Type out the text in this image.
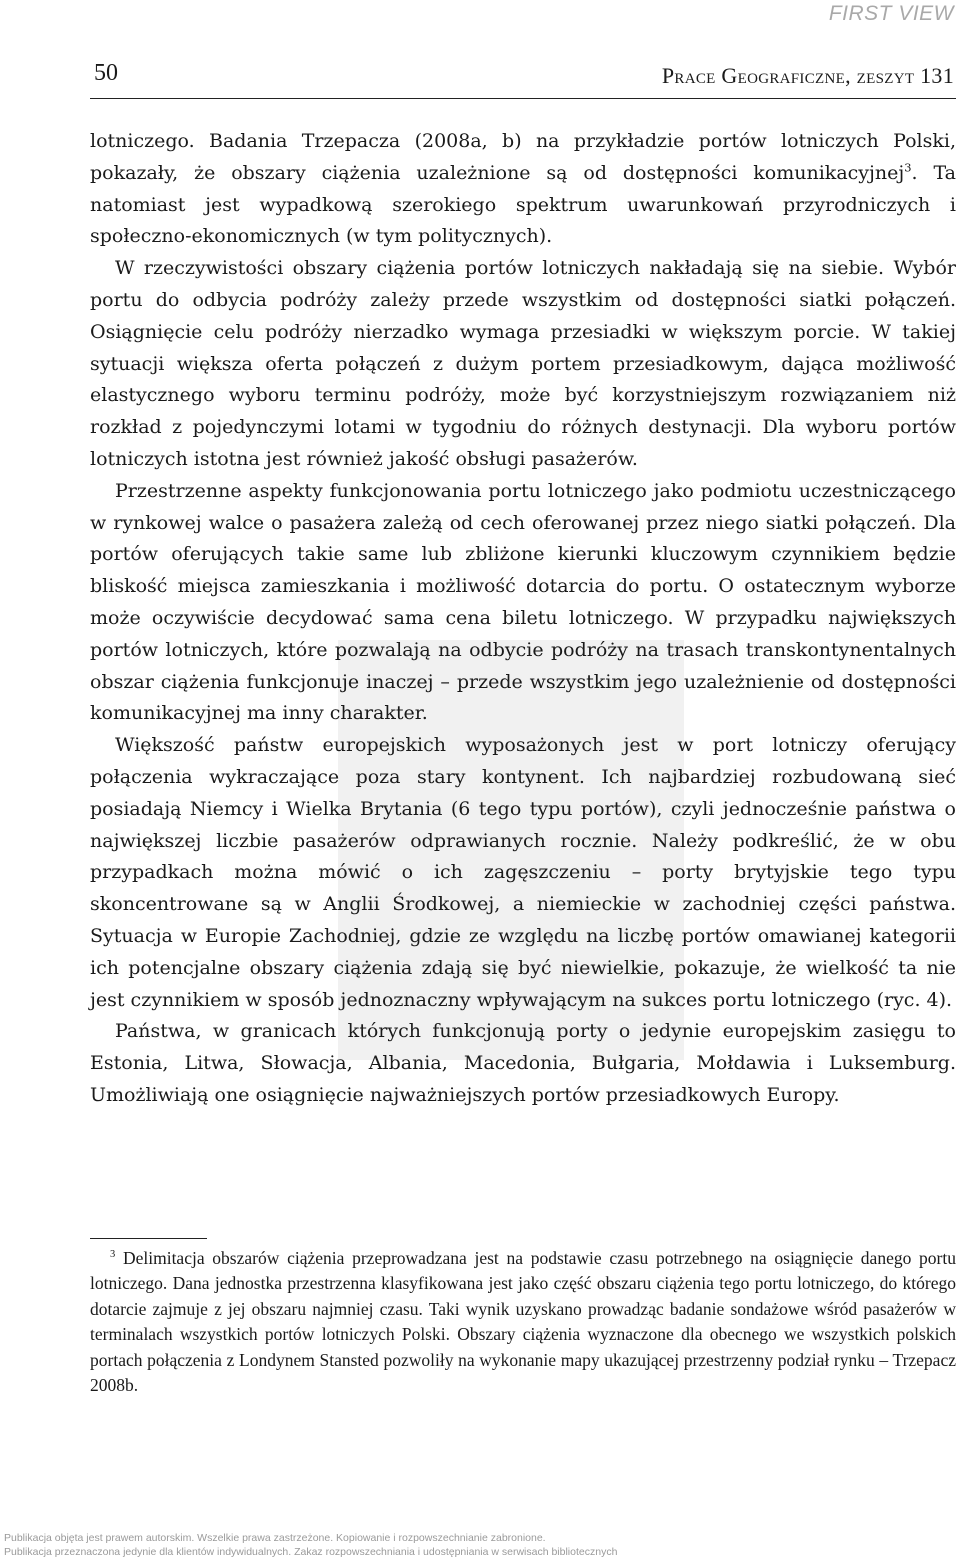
FIRST VIEW
50	Prace Geograficzne, zeszyt 131

lotniczego. Badania Trzepacza (2008a, b) na przykładzie portów lotniczych Polski, pokazały, że obszary ciążenia uzależnione są od dostępności komunikacyjnej$^3$. Ta natomiast jest wypadkową szerokiego spektrum uwarunkowań przyrodniczych i społeczno-ekonomicznych (w tym politycznych).

W rzeczywistości obszary ciążenia portów lotniczych nakładają się na siebie. Wybór portu do odbycia podróży zależy przede wszystkim od dostępności siatki połączeń. Osiągnięcie celu podróży nierzadko wymaga przesiadki w większym porcie. W takiej sytuacji większa oferta połączeń z dużym portem przesiadkowym, dająca możliwość elastycznego wyboru terminu podróży, może być korzystniejszym rozwiązaniem niż rozkład z pojedynczymi lotami w tygodniu do różnych destynacji. Dla wyboru portów lotniczych istotna jest również jakość obsługi pasażerów.

Przestrzenne aspekty funkcjonowania portu lotniczego jako podmiotu uczestniczącego w rynkowej walce o pasażera zależą od cech oferowanej przez niego siatki połączeń. Dla portów oferujących takie same lub zbliżone kierunki kluczowym czynnikiem będzie bliskość miejsca zamieszkania i możliwość dotarcia do portu. O ostatecznym wyborze może oczywiście decydować sama cena biletu lotniczego. W przypadku największych portów lotniczych, które pozwalają na odbycie podróży na trasach transkontynentalnych obszar ciążenia funkcjonuje inaczej – przede wszystkim jego uzależnienie od dostępności komunikacyjnej ma inny charakter.

Większość państw europejskich wyposażonych jest w port lotniczy oferujący połączenia wykraczające poza stary kontynent. Ich najbardziej rozbudowaną sieć posiadają Niemcy i Wielka Brytania (6 tego typu portów), czyli jednocześnie państwa o największej liczbie pasażerów odprawianych rocznie. Należy podkreślić, że w obu przypadkach można mówić o ich zagęszczeniu – porty brytyjskie tego typu skoncentrowane są w Anglii Środkowej, a niemieckie w zachodniej części państwa. Sytuacja w Europie Zachodniej, gdzie ze względu na liczbę portów omawianej kategorii ich potencjalne obszary ciążenia zdają się być niewielkie, pokazuje, że wielkość ta nie jest czynnikiem w sposób jednoznaczny wpływającym na sukces portu lotniczego (ryc. 4).

Państwa, w granicach których funkcjonują porty o jedynie europejskim zasięgu to Estonia, Litwa, Słowacja, Albania, Macedonia, Bułgaria, Mołdawia i Luksemburg. Umożliwiają one osiągnięcie najważniejszych portów przesiadkowych Europy.

$^3$ Delimitacja obszarów ciążenia przeprowadzana jest na podstawie czasu potrzebnego na osiągnięcie danego portu lotniczego. Dana jednostka przestrzenna klasyfikowana jest jako część obszaru ciążenia tego portu lotniczego, do którego dotarcie zajmuje z jej obszaru najmniej czasu. Taki wynik uzyskano prowadząc badanie sondażowe wśród pasażerów w terminalach wszystkich portów lotniczych Polski. Obszary ciążenia wyznaczone dla obecnego we wszystkich polskich portach połączenia z Londynem Stansted pozwoliły na wykonanie mapy ukazującej przestrzenny podział rynku – Trzepacz 2008b.
Publikacja objęta jest prawem autorskim. Wszelkie prawa zastrzeżone. Kopiowanie i rozpowszechnianie zabronione.
Publikacja przeznaczona jedynie dla klientów indywidualnych. Zakaz rozpowszechniania i udostępniania w serwisach bibliotecznych
